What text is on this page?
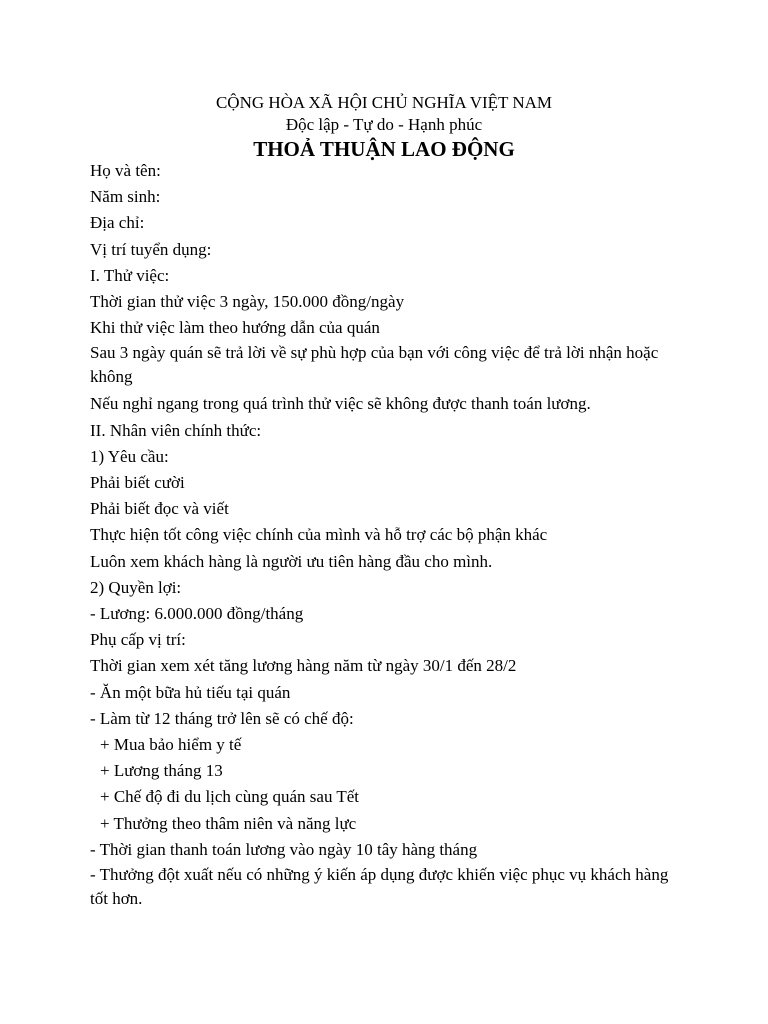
CỘNG HÒA XÃ HỘI CHỦ NGHĨA VIỆT NAM
Độc lập - Tự do - Hạnh phúc
THOẢ THUẬN LAO ĐỘNG
Họ và tên:
Năm sinh:
Địa chỉ:
Vị trí tuyển dụng:
I. Thử việc:
Thời gian thử việc 3 ngày, 150.000 đồng/ngày
Khi thử việc làm theo hướng dẫn của quán
Sau 3 ngày quán sẽ trả lời về sự phù hợp của bạn với công việc để trả lời nhận hoặc không
Nếu nghỉ ngang trong quá trình thử việc sẽ không được thanh toán lương.
II. Nhân viên chính thức:
1) Yêu cầu:
Phải biết cười
Phải biết đọc và viết
Thực hiện tốt công việc chính của mình và hỗ trợ các bộ phận khác
Luôn xem khách hàng là người ưu tiên hàng đầu cho mình.
2) Quyền lợi:
- Lương: 6.000.000 đồng/tháng
Phụ cấp vị trí:
Thời gian xem xét tăng lương hàng năm từ ngày 30/1 đến 28/2
- Ăn một bữa hủ tiếu tại quán
- Làm từ 12 tháng trở lên sẽ có chế độ:
+ Mua bảo hiểm y tế
+ Lương tháng 13
+ Chế độ đi du lịch cùng quán sau Tết
+ Thưởng theo thâm niên và năng lực
- Thời gian thanh toán lương vào ngày 10 tây hàng tháng
- Thưởng đột xuất nếu có những ý kiến áp dụng được khiến việc phục vụ khách hàng tốt hơn.
